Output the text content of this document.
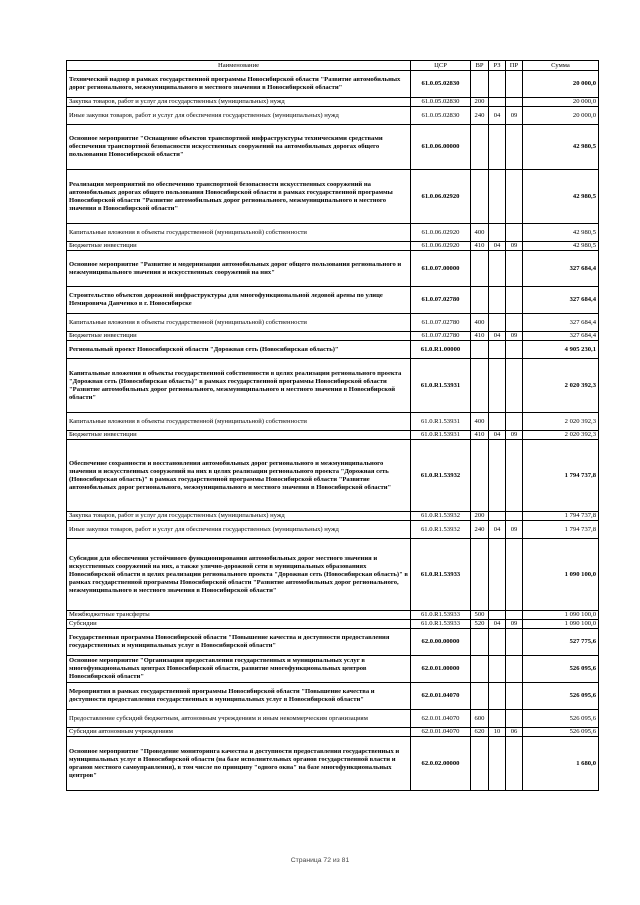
Наименование	ЦСР	ВР	РЗ	ПР	Сумма
Технический надзор в рамках государственной программы Новосибирской области "Развитие автомобильных дорог регионального, межмуниципального и местного значения в Новосибирской области"	61.0.05.02830				20 000,0
Закупка товаров, работ и услуг для государственных (муниципальных) нужд	61.0.05.02830	200			20 000,0
Иные закупки товаров, работ и услуг для обеспечения государственных (муниципальных) нужд	61.0.05.02830	240	04	09	20 000,0
Основное мероприятие "Оснащение объектов транспортной инфраструктуры техническими средствами обеспечения транспортной безопасности искусственных сооружений на автомобильных дорогах общего пользования Новосибирской области"	61.0.06.00000				42 980,5
Реализация мероприятий по обеспечению транспортной безопасности искусственных сооружений на автомобильных дорогах общего пользования Новосибирской области в рамках государственной программы Новосибирской области "Развитие автомобильных дорог регионального, межмуниципального и местного значения в Новосибирской области"	61.0.06.02920				42 980,5
Капитальные вложения в объекты государственной (муниципальной) собственности	61.0.06.02920	400			42 980,5
Бюджетные инвестиции	61.0.06.02920	410	04	09	42 980,5
Основное мероприятие "Развитие и модернизация автомобильных дорог общего пользования регионального и межмуниципального значения и искусственных сооружений на них"	61.0.07.00000				327 684,4
Строительство объектов дорожной инфраструктуры для многофункциональной ледовой арены по улице Немировича Данченко в г. Новосибирске	61.0.07.02780				327 684,4
Капитальные вложения в объекты государственной (муниципальной) собственности	61.0.07.02780	400			327 684,4
Бюджетные инвестиции	61.0.07.02780	410	04	09	327 684,4
Региональный проект Новосибирской области "Дорожная сеть (Новосибирская область)"	61.0.R1.00000				4 905 230,1
Капитальные вложения в объекты государственной собственности в целях реализации регионального проекта "Дорожная сеть (Новосибирская область)" в рамках государственной программы Новосибирской области "Развитие автомобильных дорог регионального, межмуниципального и местного значения в Новосибирской области"	61.0.R1.53931				2 020 392,3
Капитальные вложения в объекты государственной (муниципальной) собственности	61.0.R1.53931	400			2 020 392,3
Бюджетные инвестиции	61.0.R1.53931	410	04	09	2 020 392,3
Обеспечение сохранности и восстановления автомобильных дорог регионального и межмуниципального значения и искусственных сооружений на них в целях реализации регионального проекта "Дорожная сеть (Новосибирская область)" в рамках государственной программы Новосибирской области "Развитие автомобильных дорог регионального, межмуниципального и местного значения в Новосибирской области"	61.0.R1.53932				1 794 737,8
Закупка товаров, работ и услуг для государственных (муниципальных) нужд	61.0.R1.53932	200			1 794 737,8
Иные закупки товаров, работ и услуг для обеспечения государственных (муниципальных) нужд	61.0.R1.53932	240	04	09	1 794 737,8
Субсидии для обеспечения устойчивого функционирования автомобильных дорог местного значения и искусственных сооружений на них, а также улично-дорожной сети в муниципальных образованиях Новосибирской области в целях реализации регионального проекта "Дорожная сеть (Новосибирская область)" в рамках государственной программы Новосибирской области "Развитие автомобильных дорог регионального, межмуниципального и местного значения в Новосибирской области"	61.0.R1.53933				1 090 100,0
Межбюджетные трансферты	61.0.R1.53933	500			1 090 100,0
Субсидии	61.0.R1.53933	520	04	09	1 090 100,0
Государственная программа Новосибирской области "Повышение качества и доступности предоставления государственных и муниципальных услуг в Новосибирской области"	62.0.00.00000				527 775,6
Основное мероприятие "Организация предоставления государственных и муниципальных услуг в многофункциональных центрах Новосибирской области, развитие многофункциональных центров Новосибирской области"	62.0.01.00000				526 095,6
Мероприятия в рамках государственной программы Новосибирской области "Повышение качества и доступности предоставления государственных и муниципальных услуг в Новосибирской области"	62.0.01.04070				526 095,6
Предоставление субсидий бюджетным, автономным учреждениям и иным некоммерческим организациям	62.0.01.04070	600			526 095,6
Субсидии автономным учреждениям	62.0.01.04070	620	10	06	526 095,6
Основное мероприятие "Проведение мониторинга качества и доступности предоставления государственных и муниципальных услуг в Новосибирской области (на базе исполнительных органов государственной власти и органов местного самоуправления), в том числе по принципу "одного окна" на базе многофункциональных центров"	62.0.02.00000				1 680,0
Страница 72 из 81
